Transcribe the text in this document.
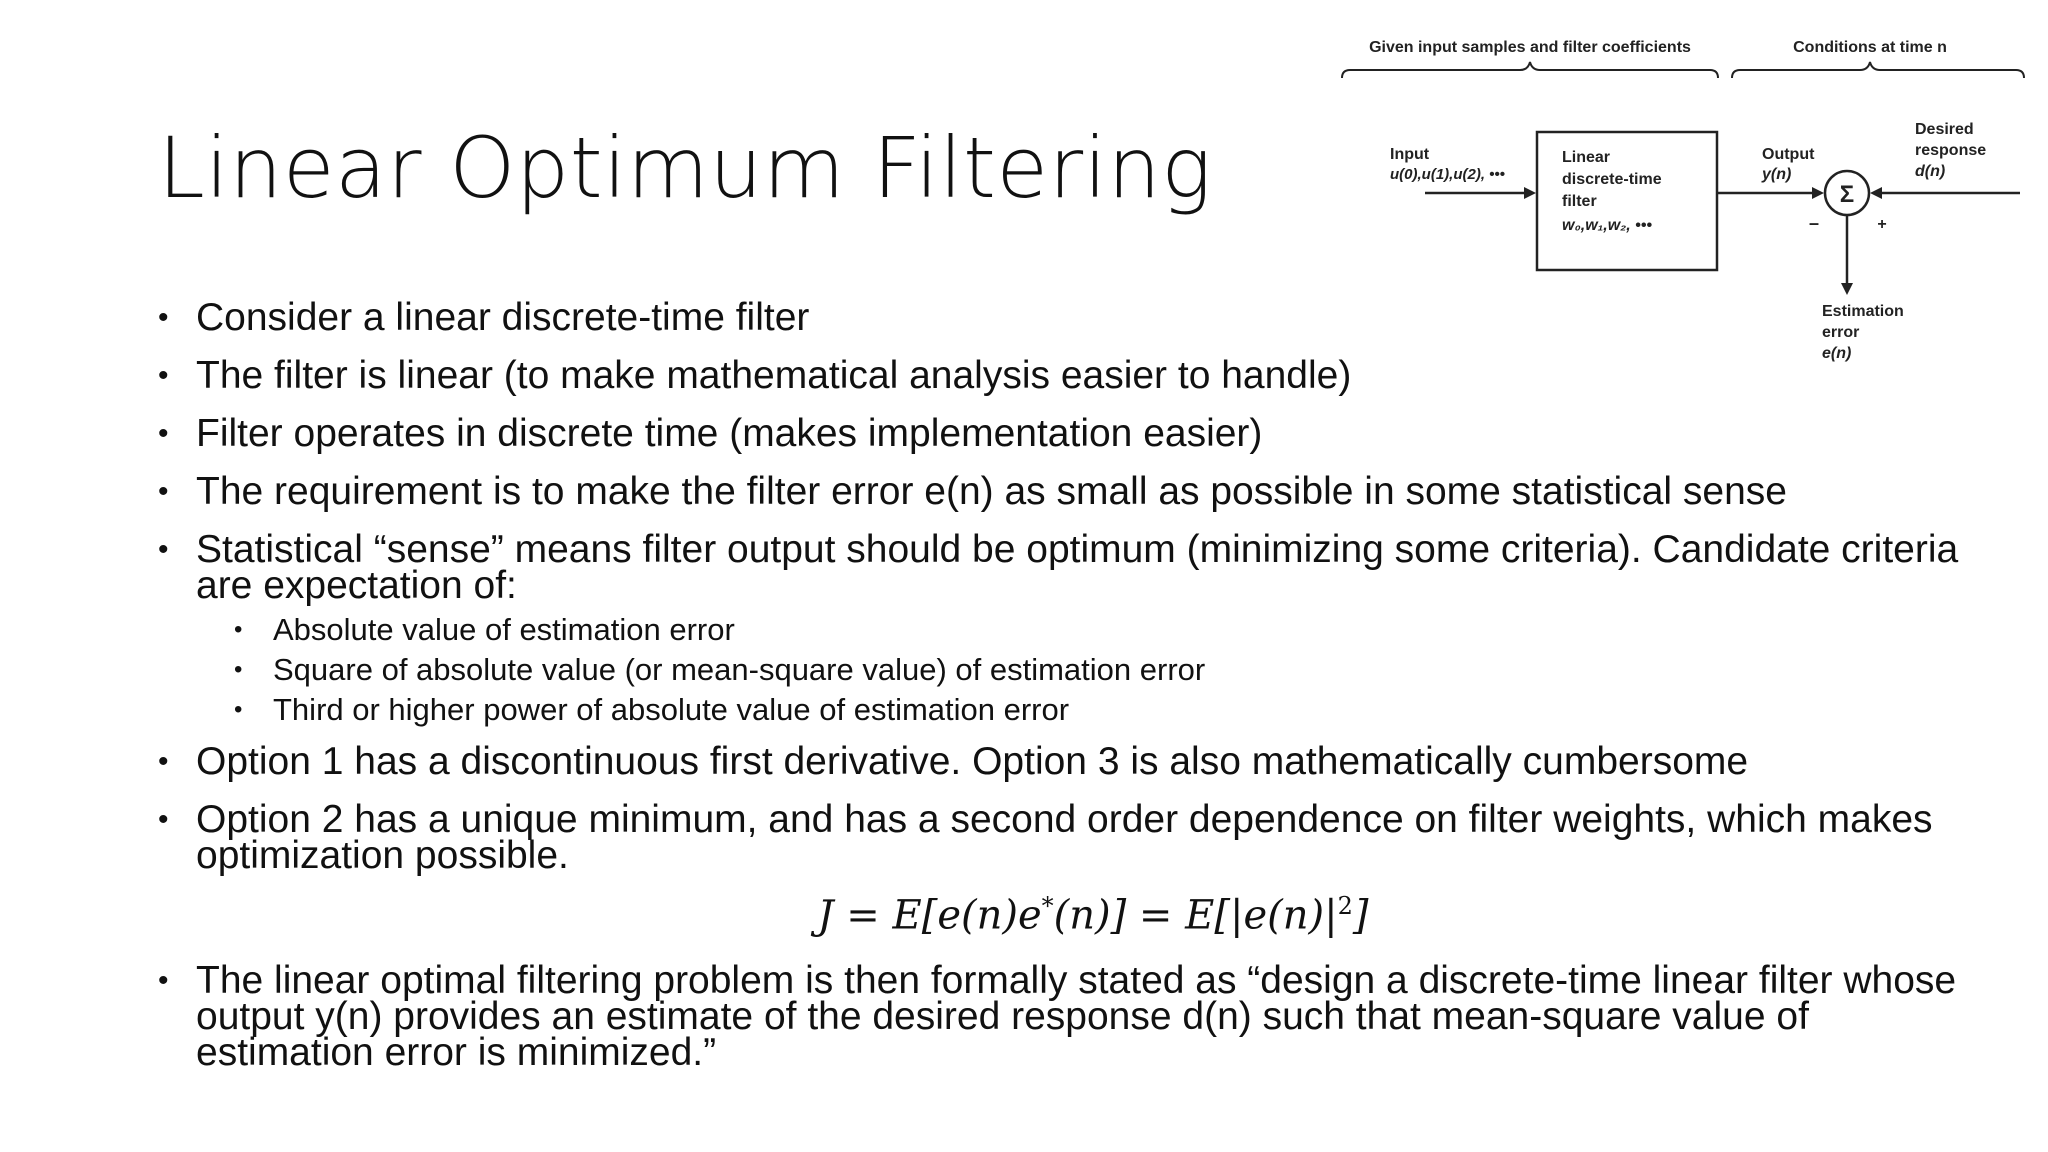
Linear Optimum Filtering
Given input samples and filter coefficients	Conditions at time n
Input
u(0),u(1),u(2), •••
Linear
discrete-time
filter
w₀,w₁,w₂, •••
Output
y(n)
Σ
–	+
Desired
response
d(n)
Estimation
error
e(n)
• Consider a linear discrete-time filter
• The filter is linear (to make mathematical analysis easier to handle)
• Filter operates in discrete time (makes implementation easier)
• The requirement is to make the filter error e(n) as small as possible in some statistical sense
• Statistical “sense” means filter output should be optimum (minimizing some criteria). Candidate criteria are expectation of:
• Absolute value of estimation error
• Square of absolute value (or mean-square value) of estimation error
• Third or higher power of absolute value of estimation error
• Option 1 has a discontinuous first derivative. Option 3 is also mathematically cumbersome
• Option 2 has a unique minimum, and has a second order dependence on filter weights, which makes optimization possible.
$J = E[e(n)e^*(n)] = E[|e(n)|^2]$
• The linear optimal filtering problem is then formally stated as “design a discrete-time linear filter whose output y(n) provides an estimate of the desired response d(n) such that mean-square value of estimation error is minimized.”
